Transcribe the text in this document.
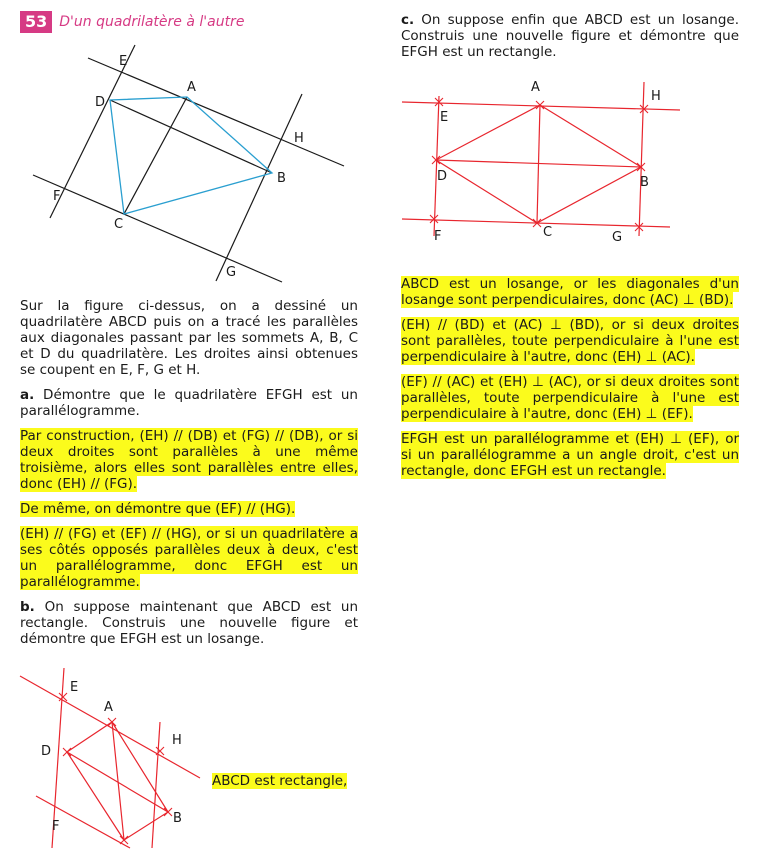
53 D'un quadrilatère à l'autre
E
A
D
H
B
F
C
G
E
A
D
H
F
B
A
H
E
D	B
F	C	G

Sur la figure ci-dessus, on a dessiné un quadrilatère ABCD puis on a tracé les parallèles aux diagonales passant par les sommets A, B, C et D du quadrilatère. Les droites ainsi obtenues se coupent en E, F, G et H.

a. Démontre que le quadrilatère EFGH est un parallélogramme.

Par construction, (EH) // (DB) et (FG) // (DB), or si deux droites sont parallèles à une même troisième, alors elles sont parallèles entre elles, donc (EH) // (FG).

De même, on démontre que (EF) // (HG).

(EH) // (FG) et (EF) // (HG), or si un quadrilatère a ses côtés opposés parallèles deux à deux, c'est un parallélogramme, donc EFGH est un parallélogramme.

b. On suppose maintenant que ABCD est un rectangle. Construis une nouvelle figure et démontre que EFGH est un losange.

ABCD est rectangle,

c. On suppose enfin que ABCD est un losange. Construis une nouvelle figure et démontre que EFGH est un rectangle.

ABCD est un losange, or les diagonales d'un losange sont perpendiculaires, donc (AC) ⊥ (BD).

(EH) // (BD) et (AC) ⊥ (BD), or si deux droites sont parallèles, toute perpendiculaire à l'une est perpendiculaire à l'autre, donc (EH) ⊥ (AC).

(EF) // (AC) et (EH) ⊥ (AC), or si deux droites sont parallèles, toute perpendiculaire à l'une est perpendiculaire à l'autre, donc (EH) ⊥ (EF).

EFGH est un parallélogramme et (EH) ⊥ (EF), or si un parallélogramme a un angle droit, c'est un rectangle, donc EFGH est un rectangle.
